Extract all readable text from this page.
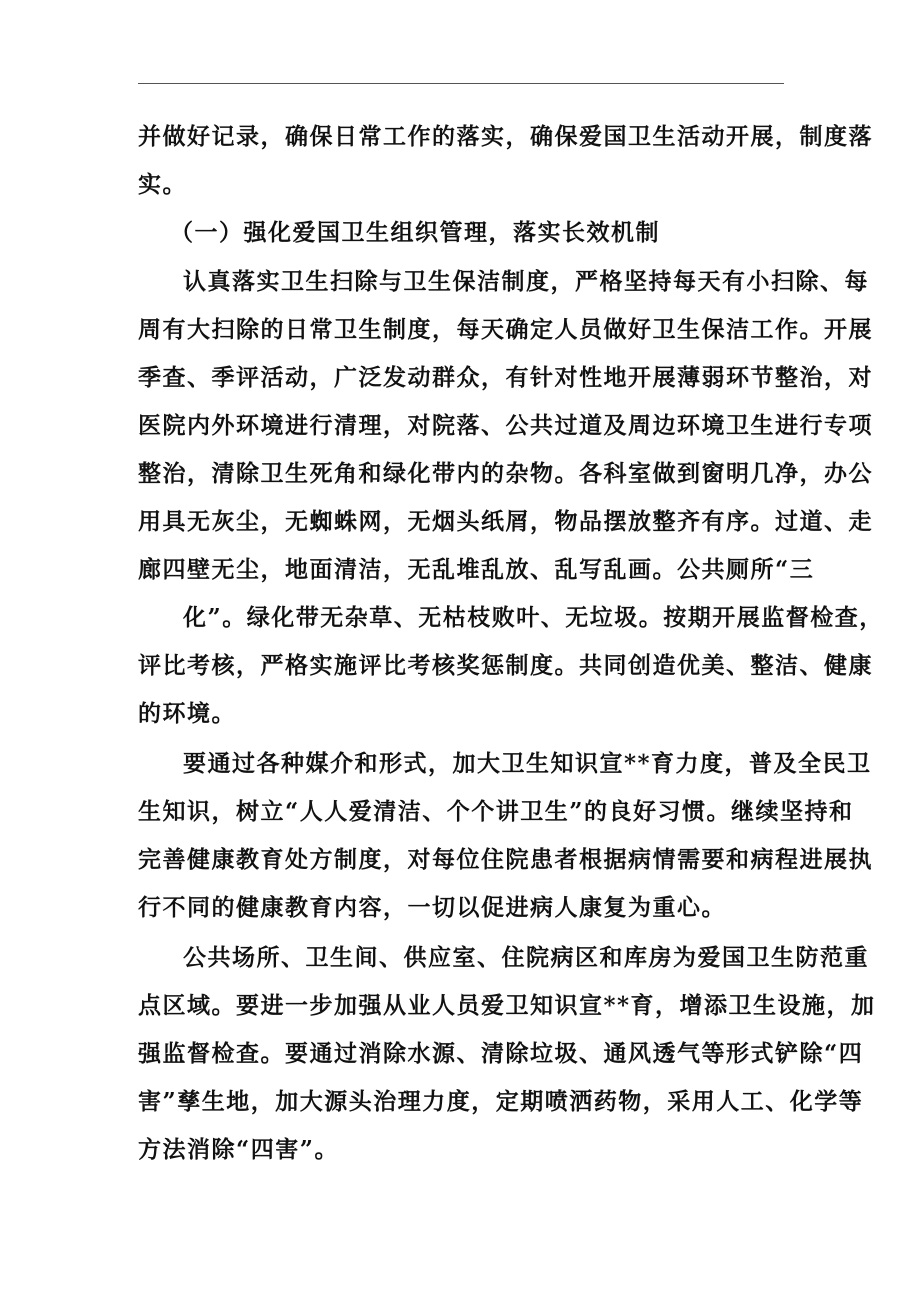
并做好记录，确保日常工作的落实，确保爱国卫生活动开展，制度落
实。
（一）强化爱国卫生组织管理，落实长效机制
认真落实卫生扫除与卫生保洁制度，严格坚持每天有小扫除、每
周有大扫除的日常卫生制度，每天确定人员做好卫生保洁工作。开展
季查、季评活动，广泛发动群众，有针对性地开展薄弱环节整治，对
医院内外环境进行清理，对院落、公共过道及周边环境卫生进行专项
整治，清除卫生死角和绿化带内的杂物。各科室做到窗明几净，办公
用具无灰尘，无蜘蛛网，无烟头纸屑，物品摆放整齐有序。过道、走
廊四壁无尘，地面清洁，无乱堆乱放、乱写乱画。公共厕所“三
化”。绿化带无杂草、无枯枝败叶、无垃圾。按期开展监督检查，
评比考核，严格实施评比考核奖惩制度。共同创造优美、整洁、健康
的环境。
要通过各种媒介和形式，加大卫生知识宣**育力度，普及全民卫
生知识，树立“人人爱清洁、个个讲卫生”的良好习惯。继续坚持和
完善健康教育处方制度，对每位住院患者根据病情需要和病程进展执
行不同的健康教育内容，一切以促进病人康复为重心。
公共场所、卫生间、供应室、住院病区和库房为爱国卫生防范重
点区域。要进一步加强从业人员爱卫知识宣**育，增添卫生设施，加
强监督检查。要通过消除水源、清除垃圾、通风透气等形式铲除“四
害”孳生地，加大源头治理力度，定期喷洒药物，采用人工、化学等
方法消除“四害”。
